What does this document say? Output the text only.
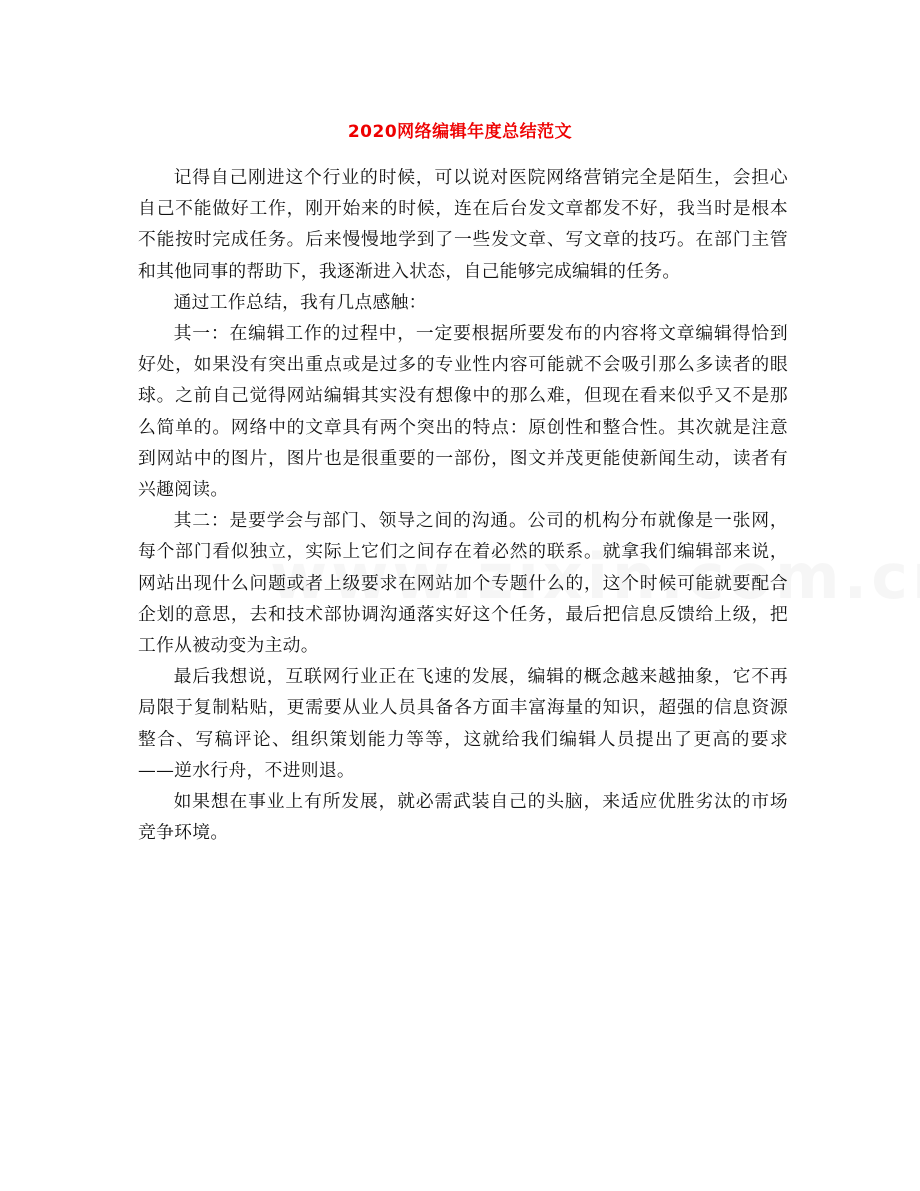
2020网络编辑年度总结范文

记得自己刚进这个行业的时候，可以说对医院网络营销完全是陌生，会担心自己不能做好工作，刚开始来的时候，连在后台发文章都发不好，我当时是根本不能按时完成任务。后来慢慢地学到了一些发文章、写文章的技巧。在部门主管和其他同事的帮助下，我逐渐进入状态，自己能够完成编辑的任务。

通过工作总结，我有几点感触：

其一：在编辑工作的过程中，一定要根据所要发布的内容将文章编辑得恰到好处，如果没有突出重点或是过多的专业性内容可能就不会吸引那么多读者的眼球。之前自己觉得网站编辑其实没有想像中的那么难，但现在看来似乎又不是那么简单的。网络中的文章具有两个突出的特点：原创性和整合性。其次就是注意到网站中的图片，图片也是很重要的一部份，图文并茂更能使新闻生动，读者有兴趣阅读。

其二：是要学会与部门、领导之间的沟通。公司的机构分布就像是一张网，每个部门看似独立，实际上它们之间存在着必然的联系。就拿我们编辑部来说，网站出现什么问题或者上级要求在网站加个专题什么的，这个时候可能就要配合企划的意思，去和技术部协调沟通落实好这个任务，最后把信息反馈给上级，把工作从被动变为主动。

最后我想说，互联网行业正在飞速的发展，编辑的概念越来越抽象，它不再局限于复制粘贴，更需要从业人员具备各方面丰富海量的知识，超强的信息资源整合、写稿评论、组织策划能力等等，这就给我们编辑人员提出了更高的要求——逆水行舟，不进则退。

如果想在事业上有所发展，就必需武装自己的头脑，来适应优胜劣汰的市场竞争环境。
